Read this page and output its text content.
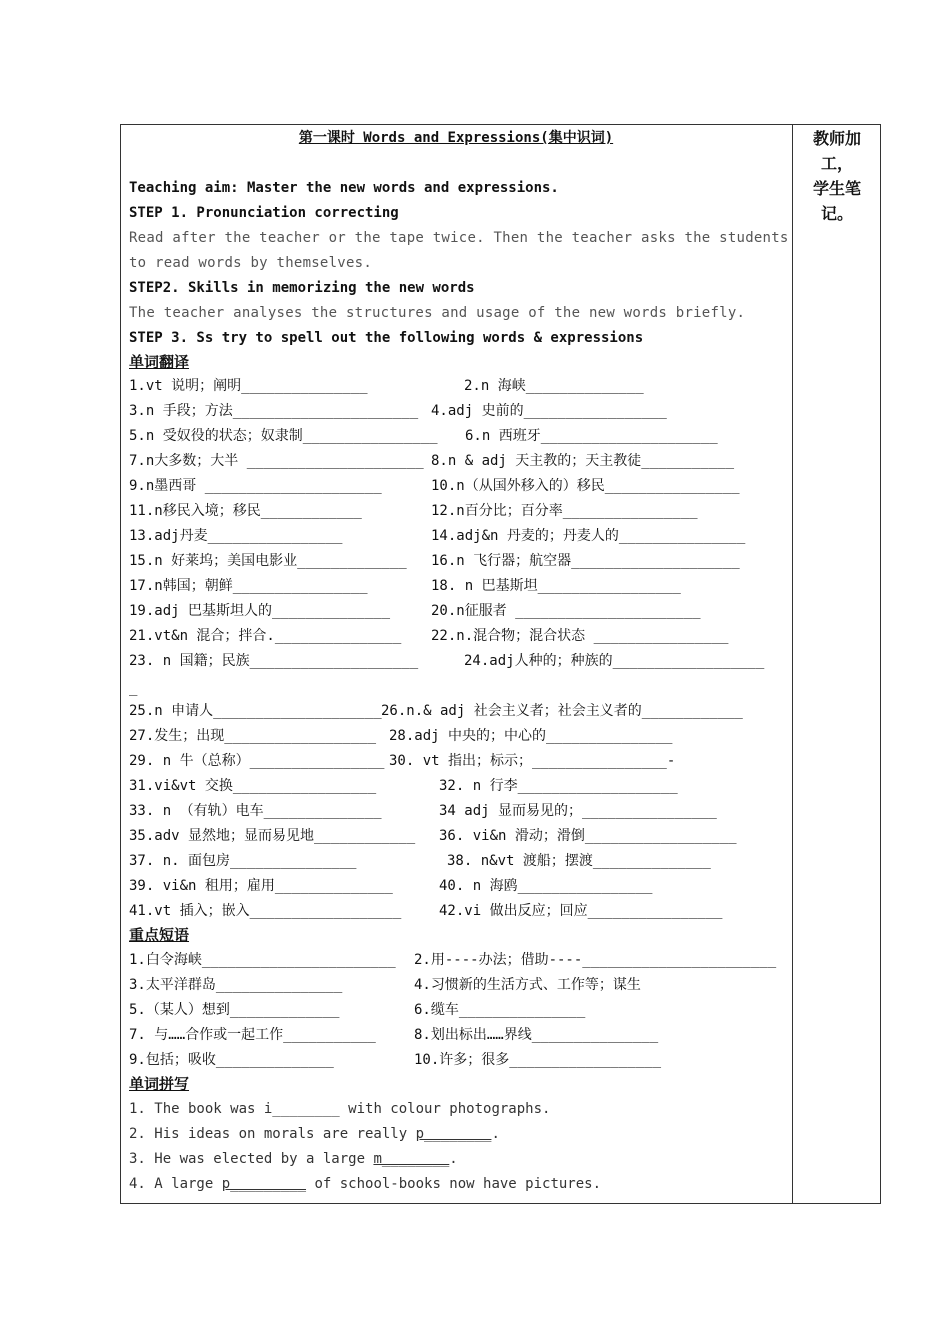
教师加
工，
学生笔
记。
第一课时 Words and Expressions(集中识词)
Teaching aim: Master the new words and expressions.
STEP 1. Pronunciation correcting
Read after the teacher or the tape twice. Then the teacher asks the students
to read words by themselves.
STEP2. Skills in memorizing the new words
The teacher analyses the structures and usage of the new words briefly.
STEP 3. Ss try to spell out the following words & expressions
单词翻译
1.vt 说明；阐明_______________	2.n 海峡______________
3.n 手段；方法______________________ 4.adj 史前的_________________
5.n 受奴役的状态；奴隶制________________ 6.n 西班牙_____________________
7.n大多数；大半 _____________________ 8.n & adj 天主教的；天主教徒___________
9.n墨西哥 _____________________	10.n（从国外移入的）移民________________
11.n移民入境；移民____________	12.n百分比；百分率________________
13.adj丹麦________________	14.adj&n 丹麦的；丹麦人的_______________
15.n 好莱坞；美国电影业_____________ 16.n 飞行器；航空器____________________
17.n韩国；朝鲜________________	18. n 巴基斯坦_________________
19.adj 巴基斯坦人的______________	20.n征服者 ______________________
21.vt&n 混合；拌合._______________ 22.n.混合物；混合状态 ________________
23. n 国籍；民族____________________	24.adj人种的；种族的__________________
_
25.n 申请人____________________ 26.n.& adj 社会主义者；社会主义者的____________
27.发生；出现__________________ 28.adj 中央的；中心的_______________
29. n 牛（总称）________________ 30. vt 指出；标示；________________-
31.vi&vt 交换_________________	32. n 行李___________________
33. n （有轨）电车______________	34 adj 显而易见的；________________
35.adv 显然地；显而易见地____________ 36. vi&n 滑动；滑倒__________________
37. n. 面包房_______________	38. n&vt 渡船；摆渡______________
39. vi&n 租用；雇用______________	40. n 海鸥________________
41.vt 插入；嵌入__________________	42.vi 做出反应；回应________________
重点短语
1.白令海峡_______________________ 2.用----办法；借助----_______________________
3.太平洋群岛_______________	4.习惯新的生活方式、工作等；谋生
5.（某人）想到_____________	6.缆车_______________
7. 与……合作或一起工作___________	8.划出标出……界线_______________
9.包括；吸收______________	10.许多；很多__________________
单词拼写
1. The book was i________ with colour photographs.
2. His ideas on morals are really p________.
3. He was elected by a large m________.
4. A large p_________ of school-books now have pictures.
